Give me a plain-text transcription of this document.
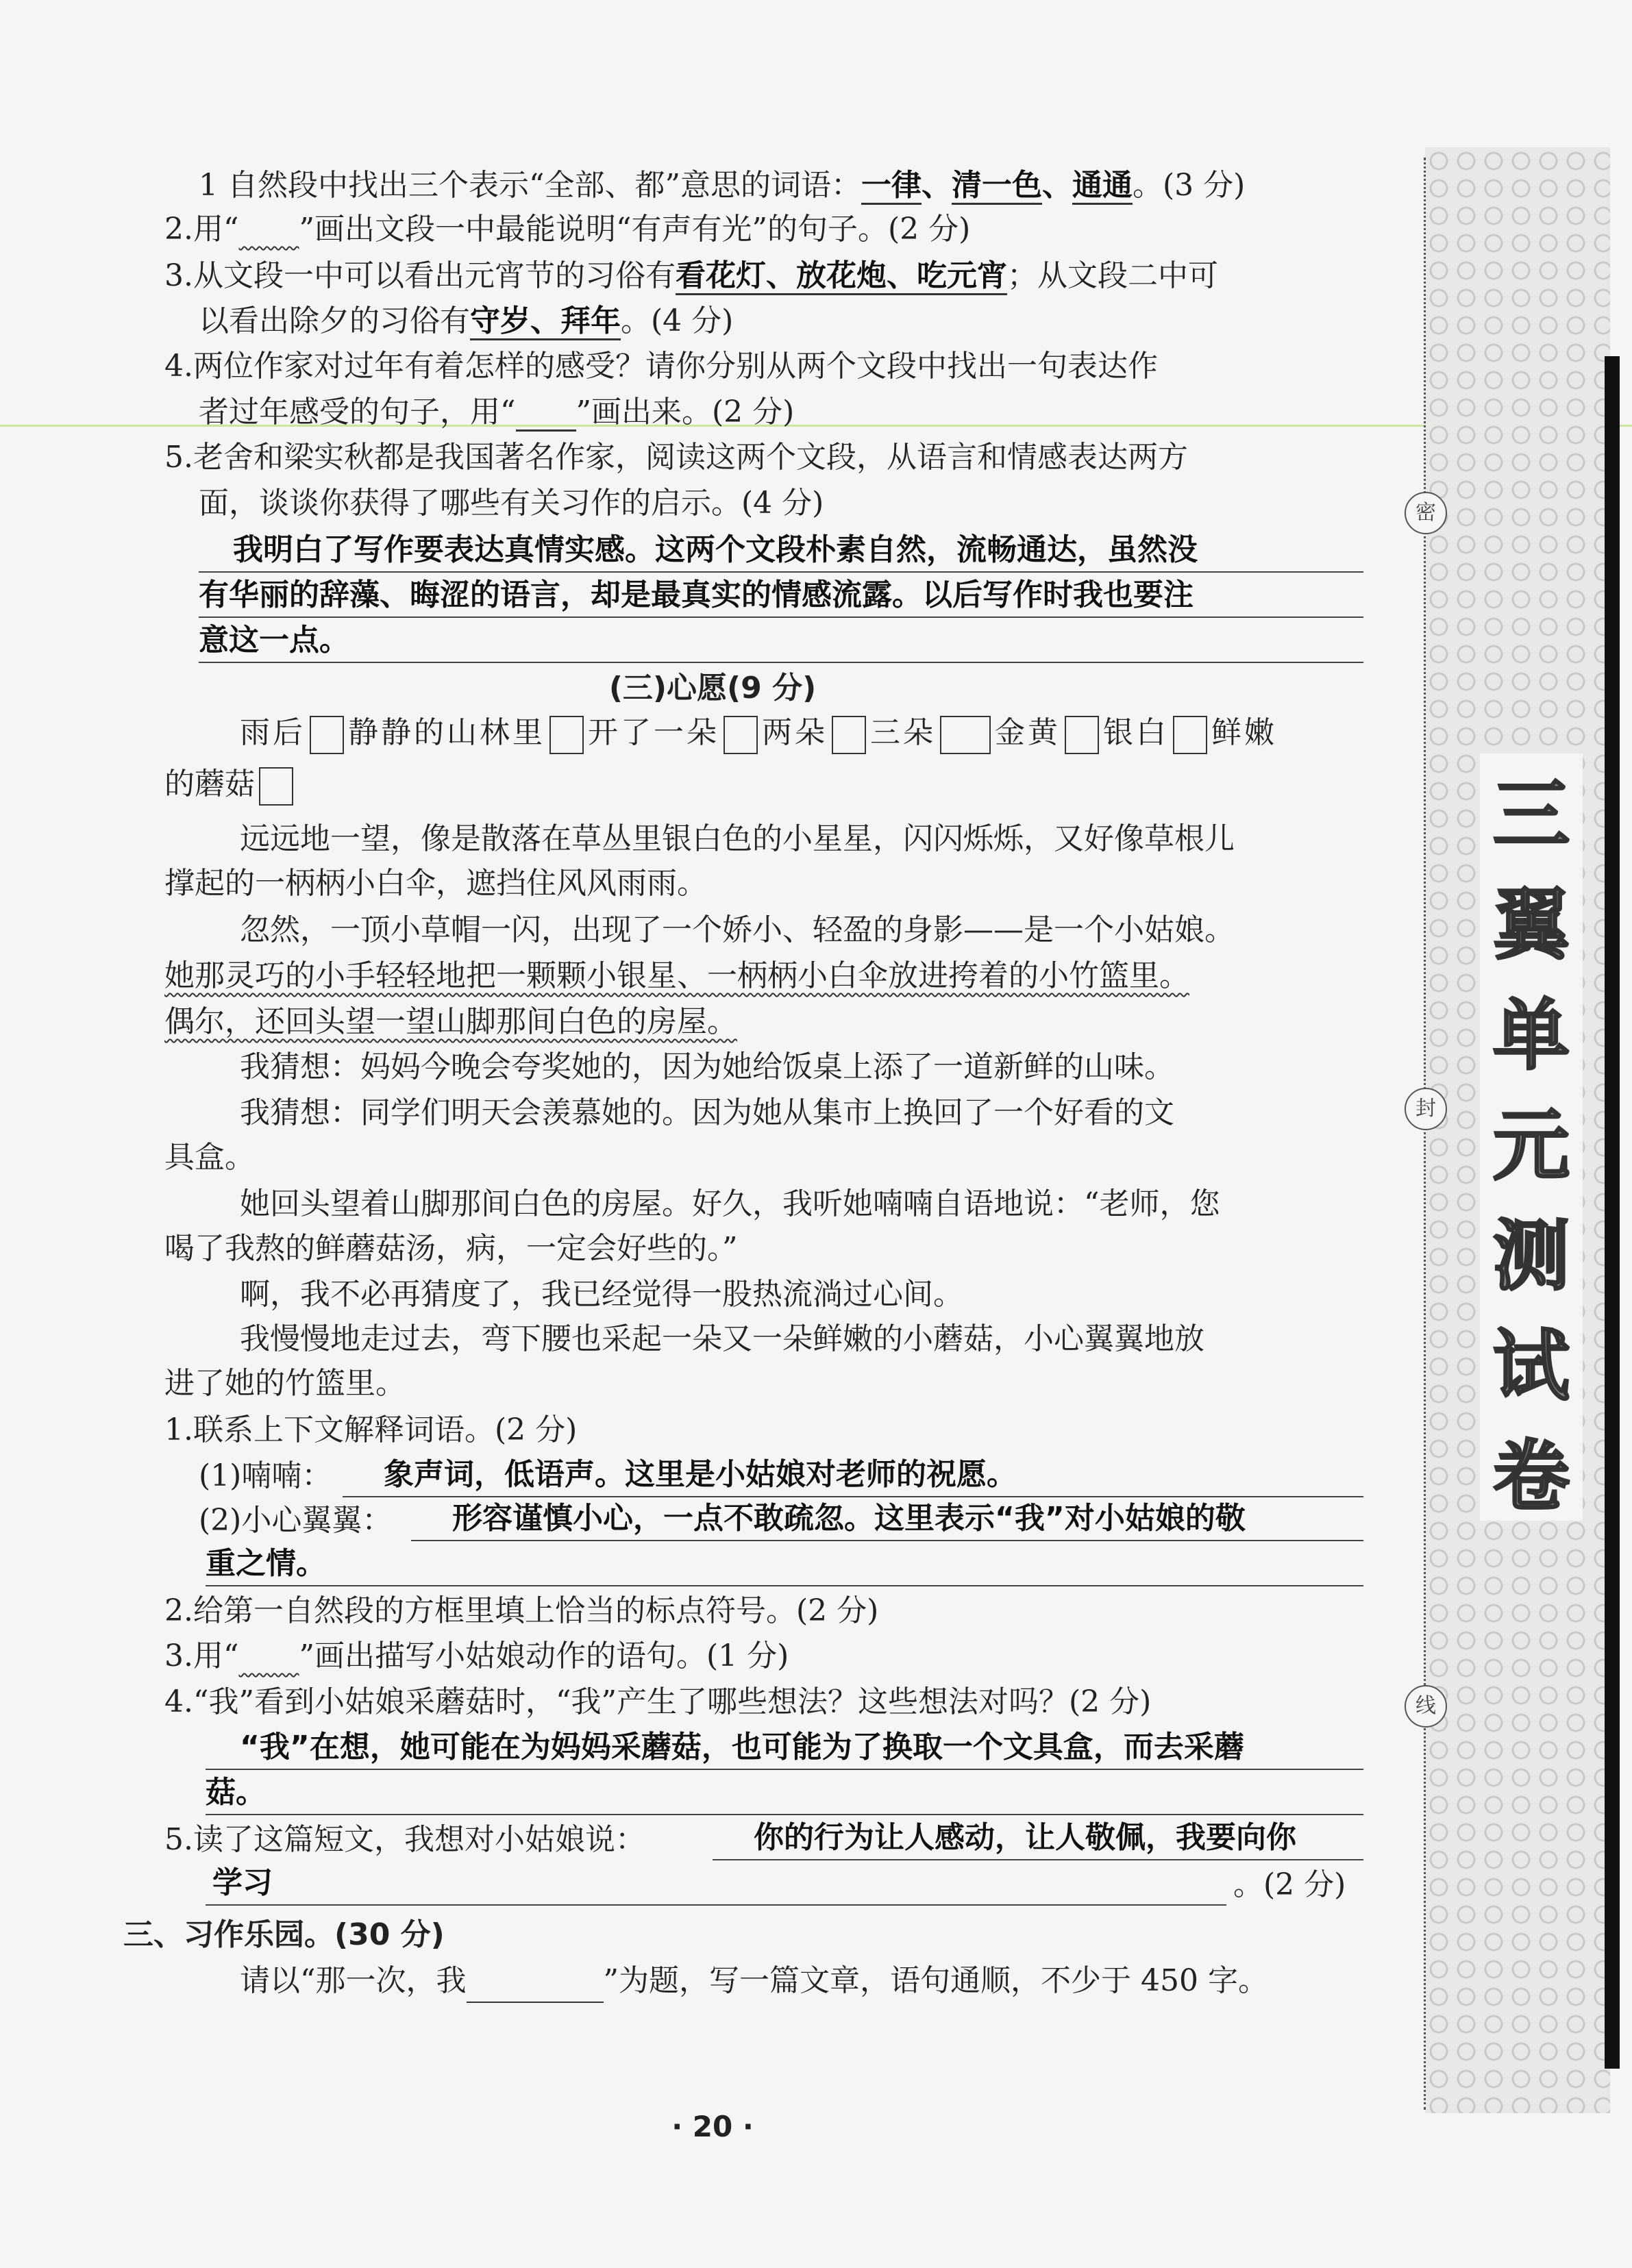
1 自然段中找出三个表示“全部、都”意思的词语：一律、清一色、通通。(3 分)
2.用“   ”画出文段一中最能说明“有声有光”的句子。(2 分)
3.从文段一中可以看出元宵节的习俗有看花灯、放花炮、吃元宵；从文段二中可
以看出除夕的习俗有守岁、拜年。(4 分)
4.两位作家对过年有着怎样的感受？请你分别从两个文段中找出一句表达作
者过年感受的句子，用“   ”画出来。(2 分)
5.老舍和梁实秋都是我国著名作家，阅读这两个文段，从语言和情感表达两方
面，谈谈你获得了哪些有关习作的启示。(4 分)
我明白了写作要表达真情实感。这两个文段朴素自然，流畅通达，虽然没
有华丽的辞藻、晦涩的语言，却是最真实的情感流露。以后写作时我也要注
意这一点。
(三)心愿(9 分)
雨后 静静的山林里 开了一朵 两朵 三朵 金黄 银白 鲜嫩
的蘑菇
远远地一望，像是散落在草丛里银白色的小星星，闪闪烁烁，又好像草根儿
撑起的一柄柄小白伞，遮挡住风风雨雨。
忽然，一顶小草帽一闪，出现了一个娇小、轻盈的身影——是一个小姑娘。
她那灵巧的小手轻轻地把一颗颗小银星、一柄柄小白伞放进挎着的小竹篮里。
偶尔，还回头望一望山脚那间白色的房屋。
我猜想：妈妈今晚会夸奖她的，因为她给饭桌上添了一道新鲜的山味。
我猜想：同学们明天会羡慕她的。因为她从集市上换回了一个好看的文
具盒。
她回头望着山脚那间白色的房屋。好久，我听她喃喃自语地说：“老师，您
喝了我熬的鲜蘑菇汤，病，一定会好些的。”
啊，我不必再猜度了，我已经觉得一股热流淌过心间。
我慢慢地走过去，弯下腰也采起一朵又一朵鲜嫩的小蘑菇，小心翼翼地放
进了她的竹篮里。
1.联系上下文解释词语。(2 分)
(1)喃喃： 象声词，低语声。这里是小姑娘对老师的祝愿。
(2)小心翼翼： 形容谨慎小心，一点不敢疏忽。这里表示“我”对小姑娘的敬
重之情。
2.给第一自然段的方框里填上恰当的标点符号。(2 分)
3.用“   ”画出描写小姑娘动作的语句。(1 分)
4.“我”看到小姑娘采蘑菇时，“我”产生了哪些想法？这些想法对吗？(2 分)
“我”在想，她可能在为妈妈采蘑菇，也可能为了换取一个文具盒，而去采蘑
菇。
5.读了这篇短文，我想对小姑娘说：	你的行为让人感动，让人敬佩，我要向你
学习	。(2 分)
三、习作乐园。(30 分)
请以“那一次，我	”为题，写一篇文章，语句通顺，不少于 450 字。
· 20 ·
密
封
线
三
翼
单
元
测
试
卷
